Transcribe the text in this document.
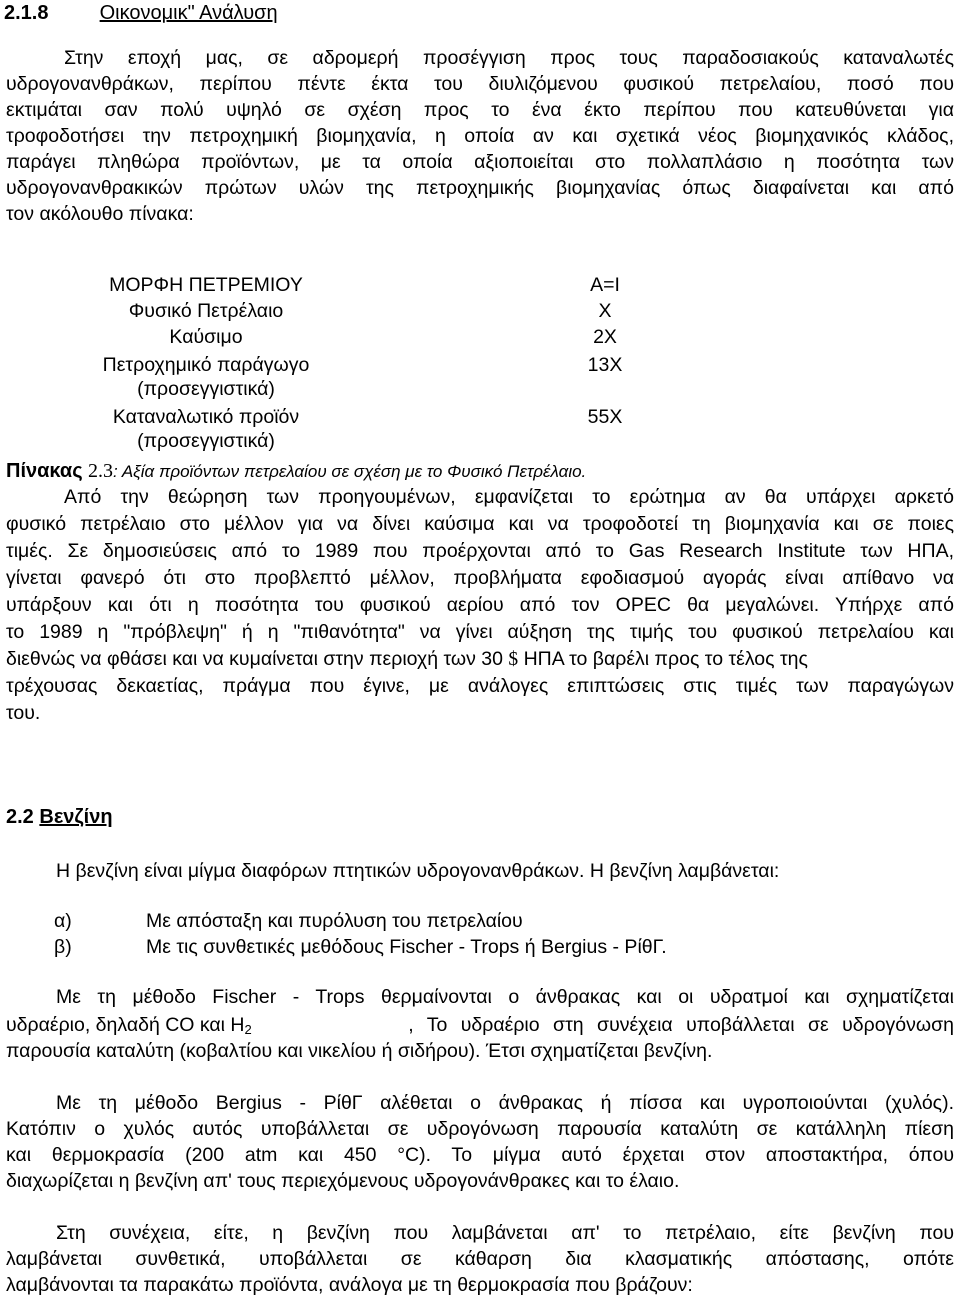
2.1.8	Οικονομικ" Ανάλυση

Στην εποχή μας, σε αδρομερή προσέγγιση προς τους παραδοσιακούς καταναλωτές

υδρογονανθράκων, περίπου πέντε έκτα του διυλιζόμενου φυσικού πετρελαίου, ποσό που

εκτιμάται σαν πολύ υψηλό σε σχέση προς το ένα έκτο περίπου που κατευθύνεται για

τροφοδοτήσει την πετροχημική βιομηχανία, η οποία αν και σχετικά νέος βιομηχανικός κλάδος,

παράγει πληθώρα προϊόντων, με τα οποία αξιοποιείται στο πολλαπλάσιο η ποσότητα των

υδρογονανθρακικών πρώτων υλών της πετροχημικής βιομηχανίας όπως διαφαίνεται και από

τον ακόλουθο πίνακα:

ΜΟΡΦΗ ΠΕΤΡΕΜΙΟΥ	A=I
Φυσικό Πετρέλαιο	X
Καύσιμο	2X
Πετροχημικό παράγωγο	13X
(προσεγγιστικά)
Καταναλωτικό προϊόν	55X
(προσεγγιστικά)
Πίνακας 2.3: Αξία προϊόντων πετρελαίου σε σχέση με το Φυσικό Πετρέλαιο.

Από την θεώρηση των προηγουμένων, εμφανίζεται το ερώτημα αν θα υπάρχει αρκετό

φυσικό πετρέλαιο στο μέλλον για να δίνει καύσιμα και να τροφοδοτεί τη βιομηχανία και σε ποιες

τιμές. Σε δημοσιεύσεις από το 1989 που προέρχονται από το Gas Research Institute των ΗΠΑ,

γίνεται φανερό ότι στο προβλεπτό μέλλον, προβλήματα εφοδιασμού αγοράς είναι απίθανο να

υπάρξουν και ότι η ποσότητα του φυσικού αερίου από τον OPEC θα μεγαλώνει. Υπήρχε από

το 1989 η "πρόβλεψη" ή η "πιθανότητα" να γίνει αύξηση της τιμής του φυσικού πετρελαίου και

διεθνώς να φθάσει και να κυμαίνεται στην περιοχή των 30 $ ΗΠΑ το βαρέλι προς το τέλος της

τρέχουσας δεκαετίας, πράγμα που έγινε, με ανάλογες επιπτώσεις στις τιμές των παραγώγων

του.

2.2 Βενζίνη

Η βενζίνη είναι μίγμα διαφόρων πτητικών υδρογονανθράκων. Η βενζίνη λαμβάνεται:

α)	Με απόσταξη και πυρόλυση του πετρελαίου
β)	Με τις συνθετικές μεθόδους Fischer - Trops ή Bergius - ΡίθΓ.

Με τη μέθοδο Fischer - Trops θερμαίνονται ο άνθρακας και οι υδρατμοί και σχηματίζεται

υδραέριο, δηλαδή CO και $H_2$	, Το υδραέριο στη συνέχεια υποβάλλεται σε υδρογόνωση

παρουσία καταλύτη (κοβαλτίου και νικελίου ή σιδήρου). Έτσι σχηματίζεται βενζίνη.

Με τη μέθοδο Bergius - ΡίθΓ αλέθεται ο άνθρακας ή πίσσα και υγροποιούνται (χυλός).

Κατόπιν ο χυλός αυτός υποβάλλεται σε υδρογόνωση παρουσία καταλύτη σε κατάλληλη πίεση

και θερμοκρασία (200 atm και 450 °C). Το μίγμα αυτό έρχεται στον αποστακτήρα, όπου

διαχωρίζεται η βενζίνη απ' τους περιεχόμενους υδρογονάνθρακες και το έλαιο.

Στη συνέχεια, είτε, η βενζίνη που λαμβάνεται απ' το πετρέλαιο, είτε βενζίνη που

λαμβάνεται συνθετικά, υποβάλλεται σε κάθαρση δια κλασματικής απόστασης, οπότε

λαμβάνονται τα παρακάτω προϊόντα, ανάλογα με τη θερμοκρασία που βράζουν:
